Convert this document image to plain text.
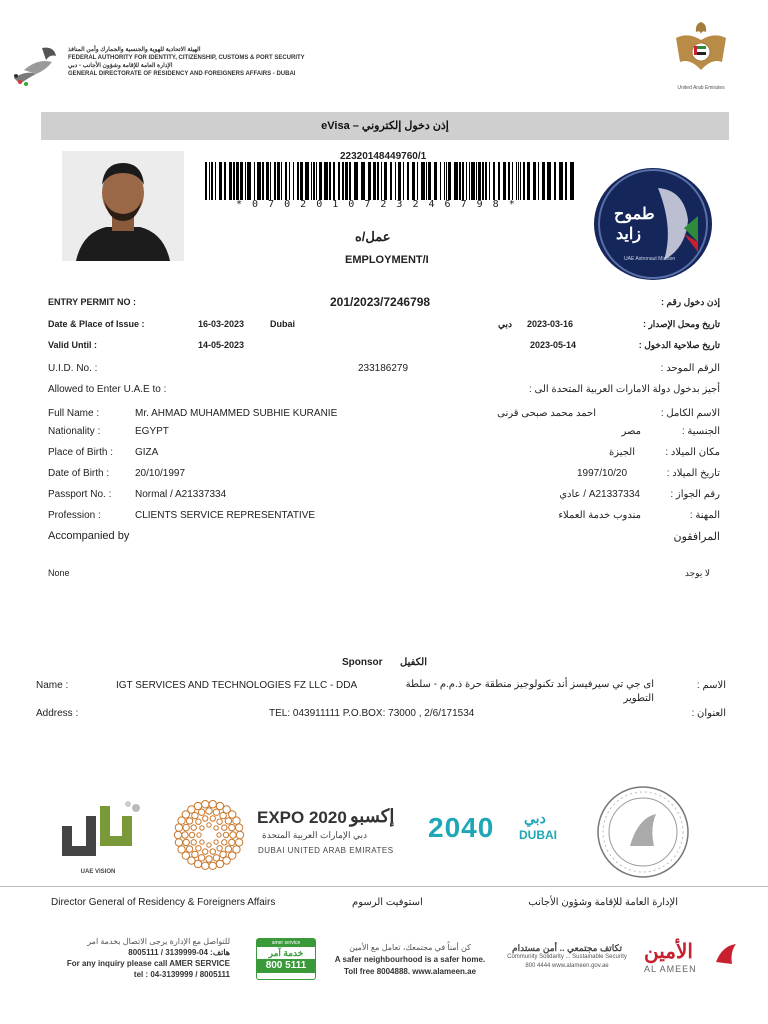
الهيئة الاتحادية للهوية والجنسية والجمارك وأمن المنافذ
FEDERAL AUTHORITY FOR IDENTITY, CITIZENSHIP, CUSTOMS & PORT SECURITY
الإدارة العامة للإقامة وشؤون الأجانب - دبي
GENERAL DIRECTORATE OF RESIDENCY AND FOREIGNERS AFFAIRS - DUBAI
United Arab Emirates
eVisa – إذن دخول إلكتروني
22320148449760/1
* 0 7 0 2 0 1 0 7 2 3 2 4 6 7 9 8 *
طموح
زايد
UAE Astronaut Mission
عمل/ه
EMPLOYMENT/I
ENTRY PERMIT NO :	201/2023/7246798	إذن دخول رقم :
Date & Place of Issue :	16-03-2023	Dubai	دبي 2023-03-16	تاريخ ومحل الإصدار :
Valid Until :	14-05-2023	2023-05-14	تاريخ صلاحية الدخول :
U.I.D. No. :	233186279	الرقم الموحد :
Allowed to Enter U.A.E to :	أجيز بدخول دولة الامارات العربية المتحدة الى :
Full Name :	Mr. AHMAD MUHAMMED SUBHIE KURANIE	احمد محمد صبحى قرنى	الاسم الكامل :
Nationality :	EGYPT	مصر	الجنسية :
Place of Birth : GIZA	الجيزة	مكان الميلاد :
Date of Birth :	20/10/1997	1997/10/20	تاريخ الميلاد :
Passport No. : Normal / A21337334	A21337334 / عادي	رقم الجواز :
Profession :	CLIENTS SERVICE REPRESENTATIVE	مندوب خدمة العملاء	المهنة :
Accompanied by	المرافقون
None	لا يوجد
Sponsor الكفيل
Name :	IGT SERVICES AND TECHNOLOGIES FZ LLC - DDA	اى جي تي سيرفيسز أند تكنولوجيز منطقة حرة ذ.م.م - سلطة التطوير
الاسم :
Address :	TEL: 043911111 P.O.BOX: 73000 , 2/6/171534	العنوان :
UAE VISION
EXPO 2020 إكسبو
دبي الإمارات العربية المتحدة
DUBAI UNITED ARAB EMIRATES
2040 دبي
DUBAI
Director General of Residency & Foreigners Affairs	استوفيت الرسوم	الإدارة العامة للإقامة وشؤون الأجانب
للتواصل مع الإدارة يرجى الاتصال بخدمة امر
هاتف: 04-3139999 / 8005111
For any inquiry please call AMER SERVICE
tel : 04-3139999 / 8005111
amer service
خدمة آمر
800 5111
كن أمناً في مجتمعك، تعامل مع الأمين
A safer neighbourhood is a safer home.
Toll free 8004888. www.alameen.ae
تكاتف مجتمعي .. أمن مستدام
Community Solidarity ... Sustainable Security
800 4444 www.alameen.gov.ae
الأمين
AL AMEEN
